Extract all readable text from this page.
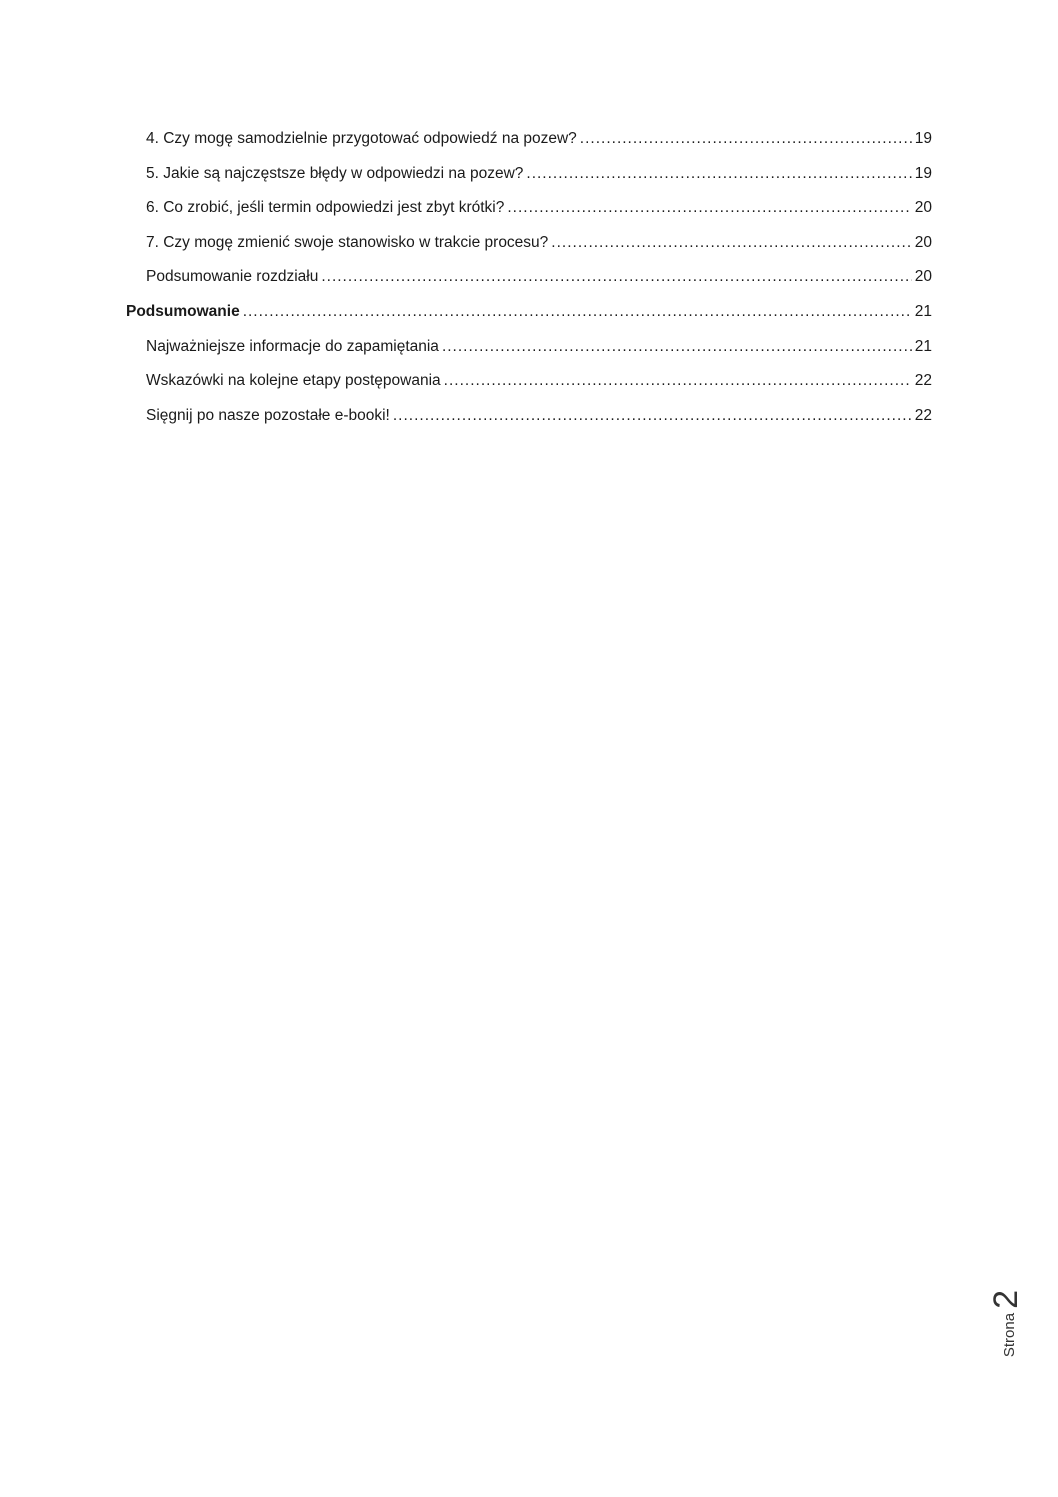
4. Czy mogę samodzielnie przygotować odpowiedź na pozew? .....	19
5. Jakie są najczęstsze błędy w odpowiedzi na pozew? .....	19
6. Co zrobić, jeśli termin odpowiedzi jest zbyt krótki? .....	20
7. Czy mogę zmienić swoje stanowisko w trakcie procesu? .....	20
Podsumowanie rozdziału .....	20
Podsumowanie .....	21
Najważniejsze informacje do zapamiętania .....	21
Wskazówki na kolejne etapy postępowania .....	22
Sięgnij po nasze pozostałe e-booki! .....	22
Strona
2
